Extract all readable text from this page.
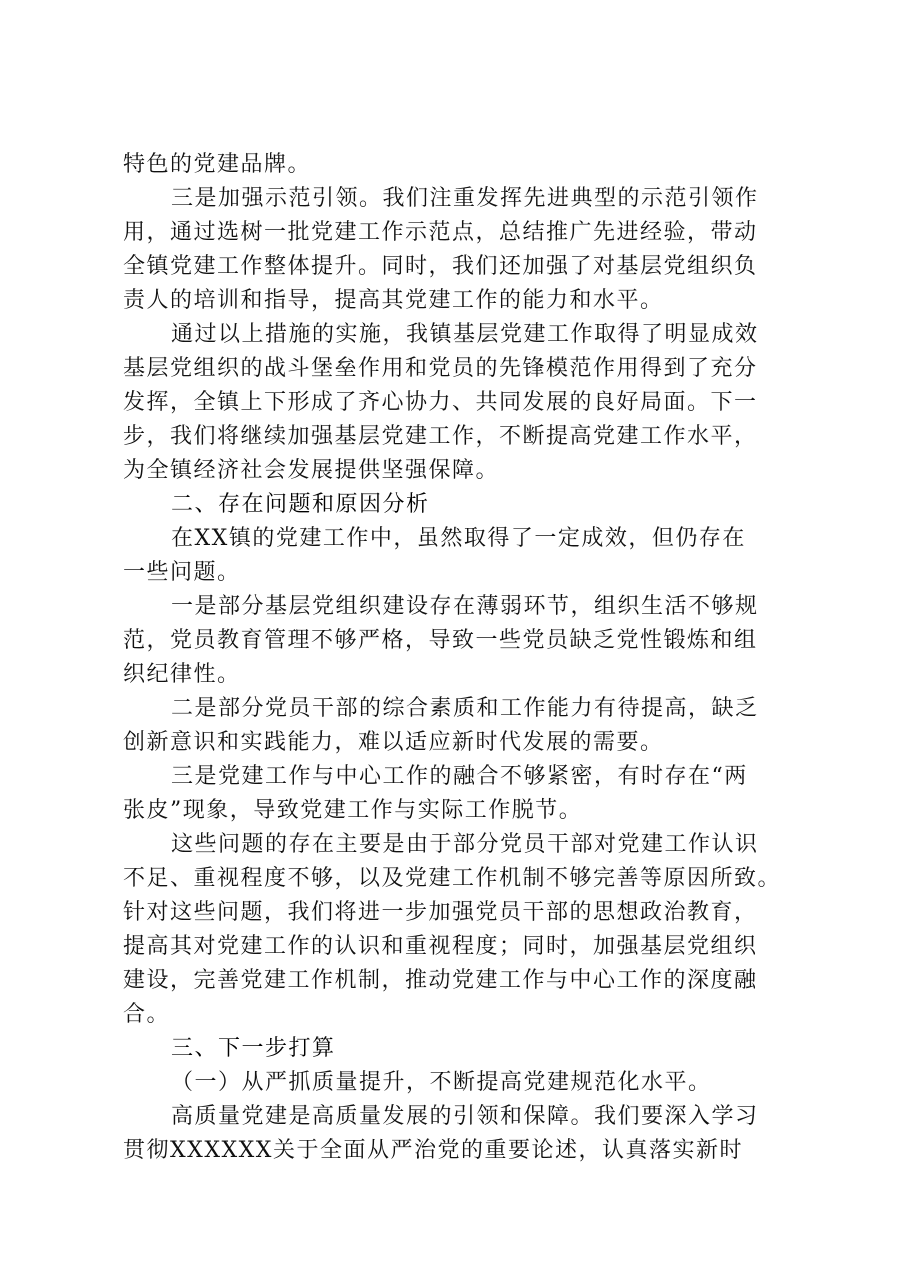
特色的党建品牌。
三是加强示范引领。我们注重发挥先进典型的示范引领作
用，通过选树一批党建工作示范点，总结推广先进经验，带动
全镇党建工作整体提升。同时，我们还加强了对基层党组织负
责人的培训和指导，提高其党建工作的能力和水平。
通过以上措施的实施，我镇基层党建工作取得了明显成效
基层党组织的战斗堡垒作用和党员的先锋模范作用得到了充分
发挥，全镇上下形成了齐心协力、共同发展的良好局面。下一
步，我们将继续加强基层党建工作，不断提高党建工作水平，
为全镇经济社会发展提供坚强保障。
二、存在问题和原因分析
在XX镇的党建工作中，虽然取得了一定成效，但仍存在
一些问题。
一是部分基层党组织建设存在薄弱环节，组织生活不够规
范，党员教育管理不够严格，导致一些党员缺乏党性锻炼和组
织纪律性。
二是部分党员干部的综合素质和工作能力有待提高，缺乏
创新意识和实践能力，难以适应新时代发展的需要。
三是党建工作与中心工作的融合不够紧密，有时存在“两
张皮”现象，导致党建工作与实际工作脱节。
这些问题的存在主要是由于部分党员干部对党建工作认识
不足、重视程度不够，以及党建工作机制不够完善等原因所致。
针对这些问题，我们将进一步加强党员干部的思想政治教育，
提高其对党建工作的认识和重视程度；同时，加强基层党组织
建设，完善党建工作机制，推动党建工作与中心工作的深度融
合。
三、下一步打算
（一）从严抓质量提升，不断提高党建规范化水平。
高质量党建是高质量发展的引领和保障。我们要深入学习
贯彻XXXXXX关于全面从严治党的重要论述，认真落实新时
